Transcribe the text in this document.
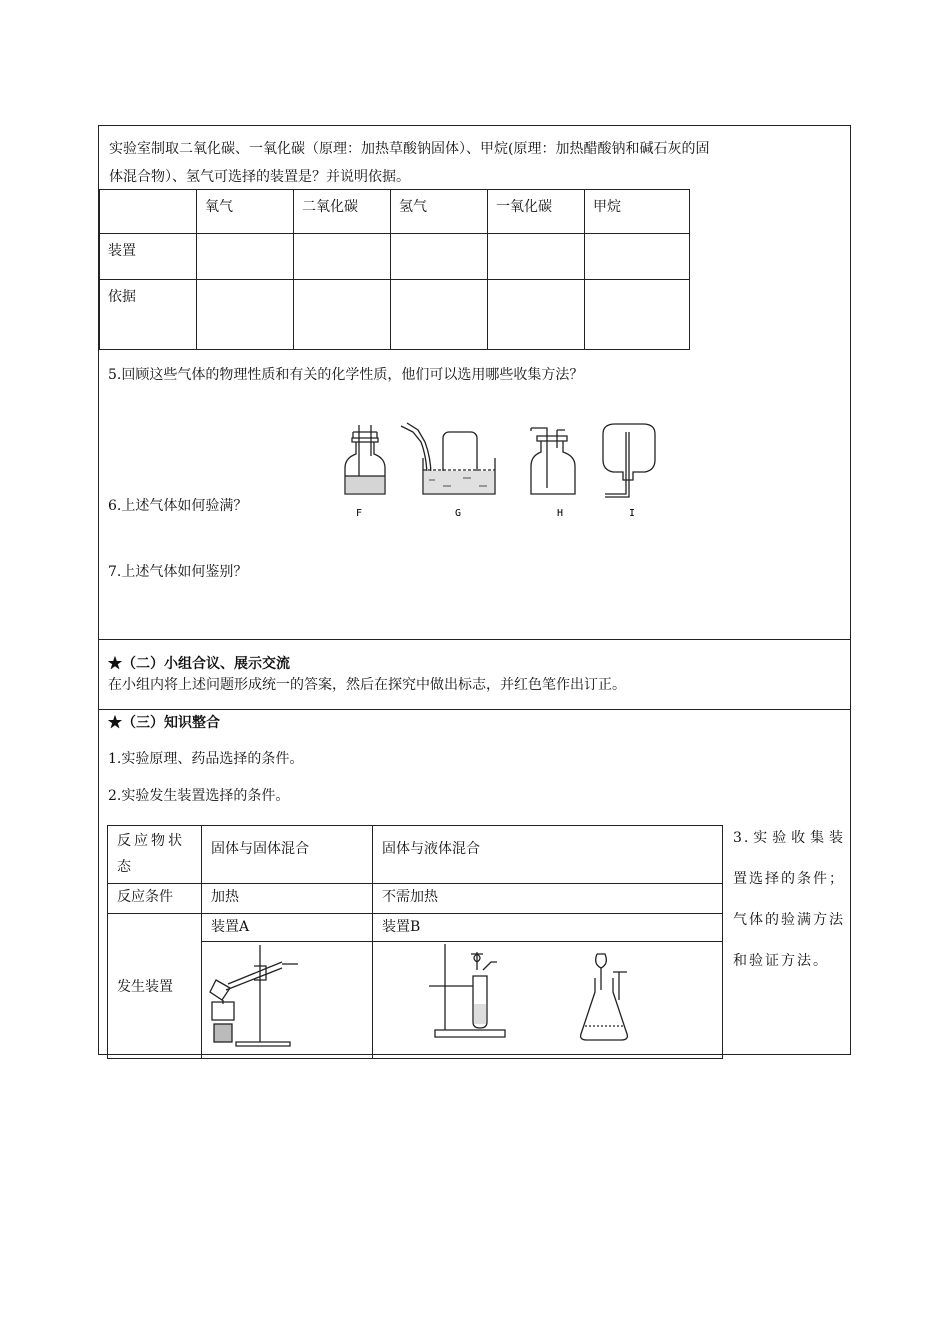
实验室制取二氧化碳、一氧化碳（原理：加热草酸钠固体）、甲烷(原理：加热醋酸钠和碱石灰的固
体混合物）、氢气可选择的装置是？并说明依据。
	氧气	二氧化碳	氢气	一氧化碳	甲烷
装置					
依据					
5.回顾这些气体的物理性质和有关的化学性质，他们可以选用哪些收集方法？
F	G	H	I
6.上述气体如何验满？
7.上述气体如何鉴别？
★（二）小组合议、展示交流
在小组内将上述问题形成统一的答案，然后在探究中做出标志，并红色笔作出订正。
★（三）知识整合
1.实验原理、药品选择的条件。
2.实验发生装置选择的条件。
反应物状态	固体与固体混合	固体与液体混合
反应条件	加热	不需加热
发生装置	装置A	装置B
3.实验收集装置选择的条件；气体的验满方法和验证方法。
